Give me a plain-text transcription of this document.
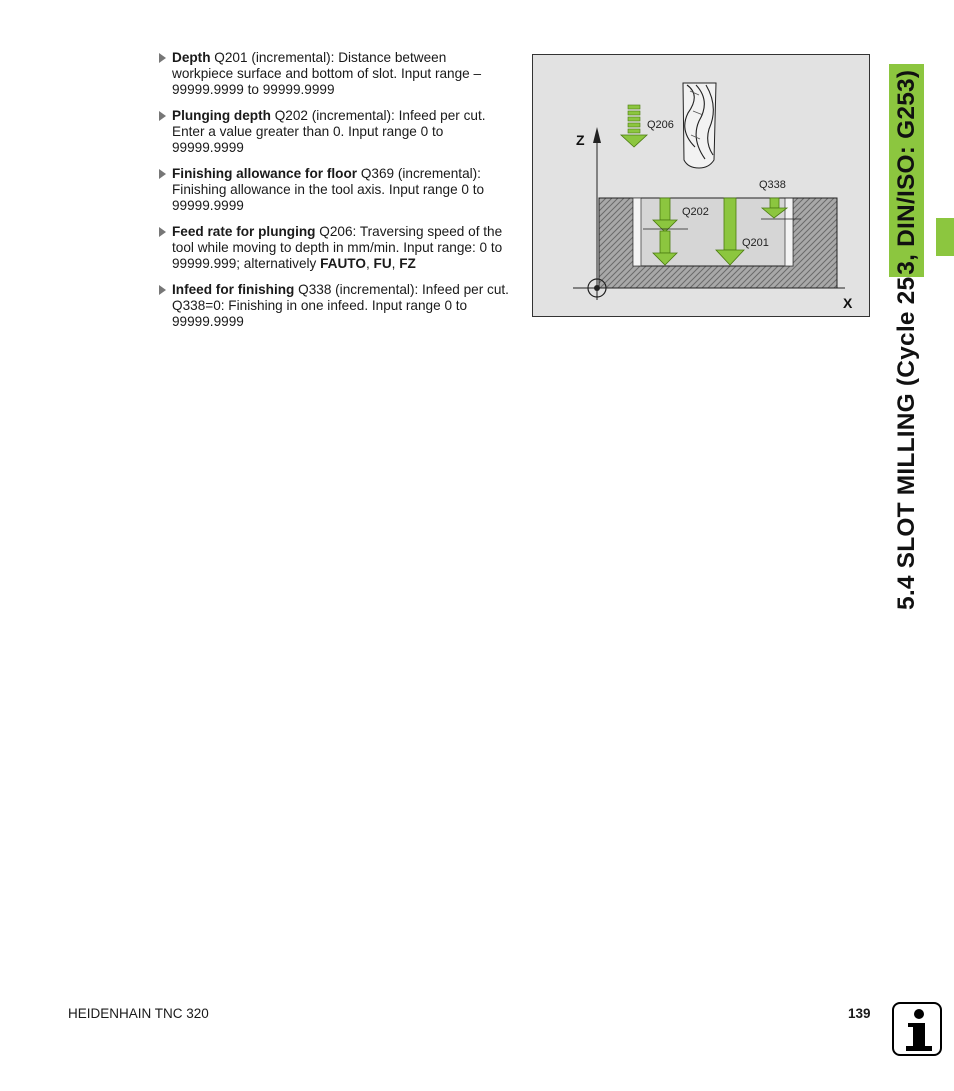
Depth Q201 (incremental): Distance between workpiece surface and bottom of slot. Input range –99999.9999 to 99999.9999
Plunging depth Q202 (incremental): Infeed per cut. Enter a value greater than 0. Input range 0 to 99999.9999
Finishing allowance for floor Q369 (incremental): Finishing allowance in the tool axis. Input range 0 to 99999.9999
Feed rate for plunging Q206: Traversing speed of the tool while moving to depth in mm/min. Input range: 0 to 99999.999; alternatively FAUTO, FU, FZ
Infeed for finishing Q338 (incremental): Infeed per cut. Q338=0: Finishing in one infeed. Input range 0 to 99999.9999
Q206
Q202
Q201
Q338
Z
X 5.4 SLOT MILLING (Cycle 253, DIN/ISO: G253)
HEIDENHAIN TNC 320	139
